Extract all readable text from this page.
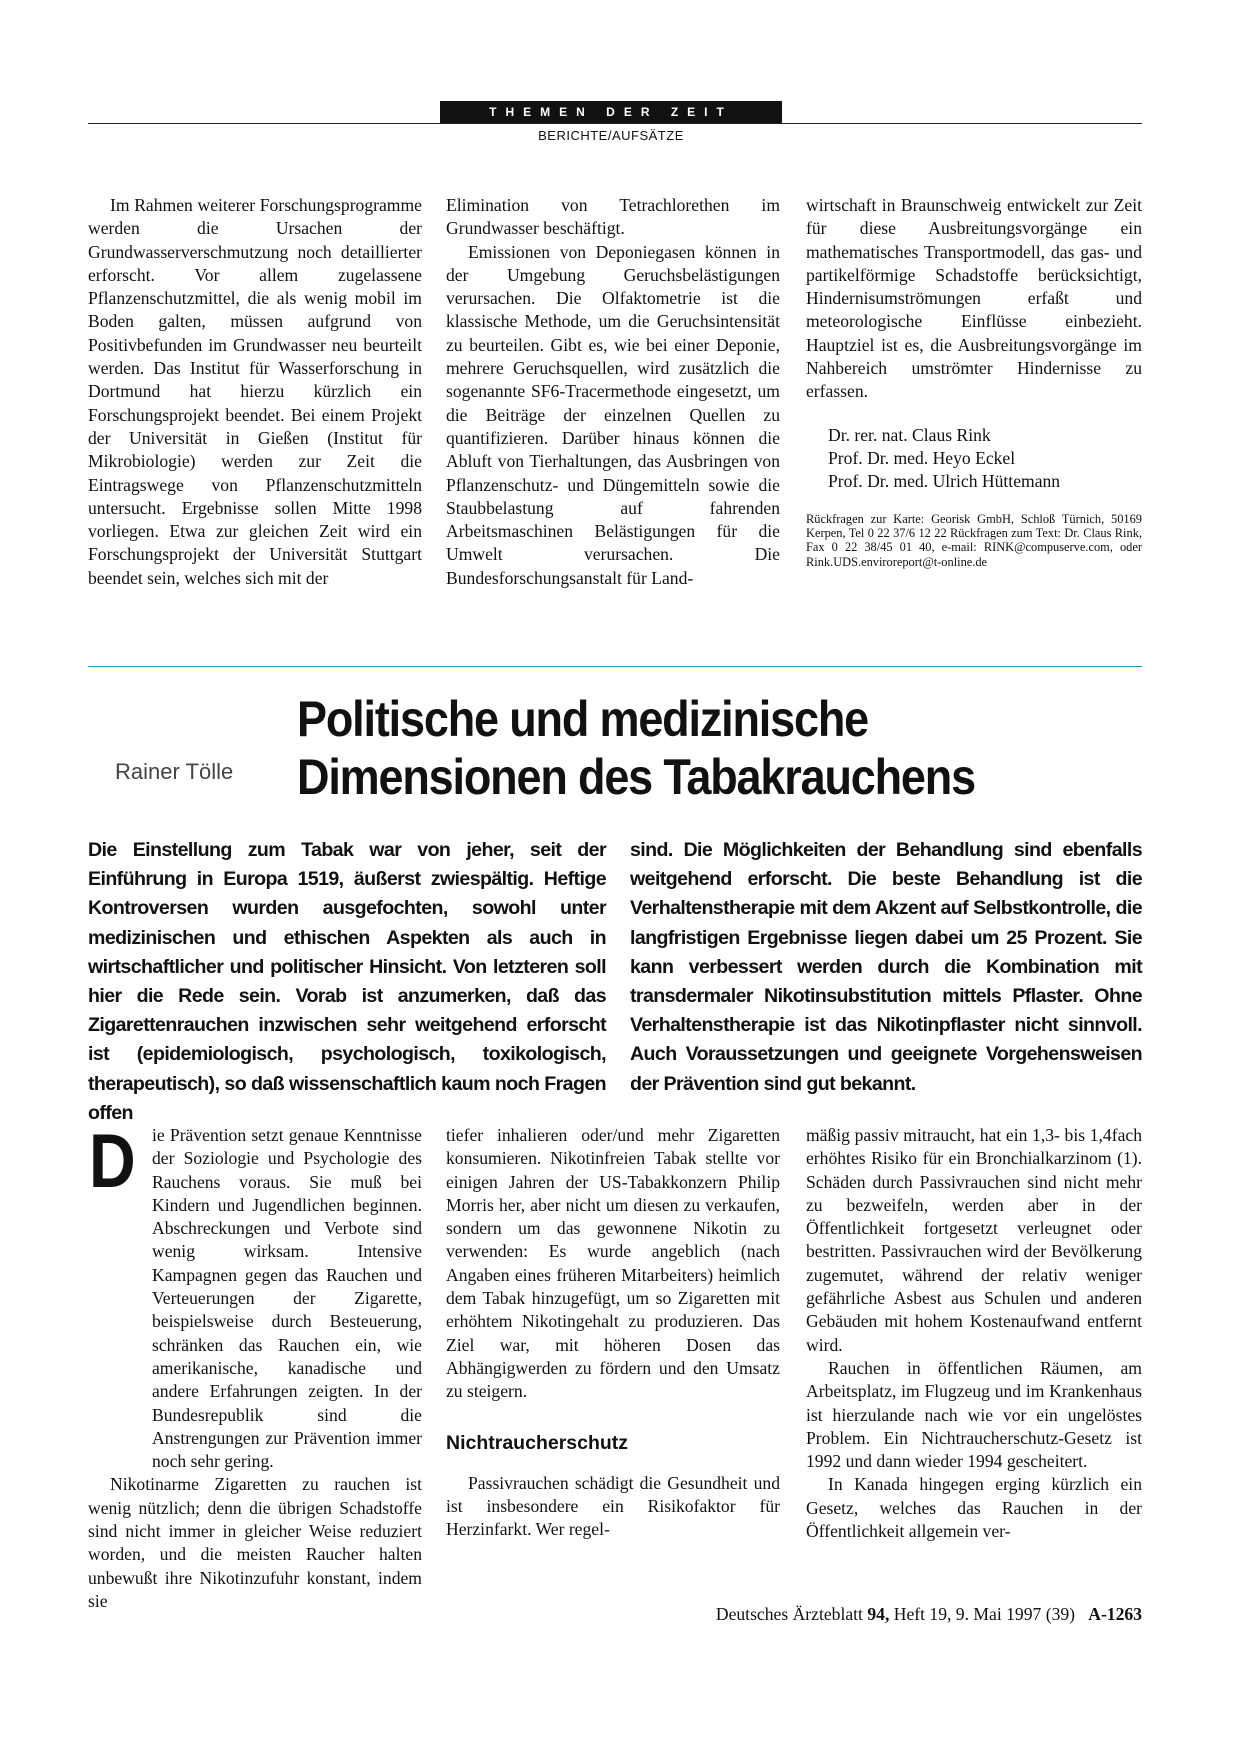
THEMEN DER ZEIT
BERICHTE/AUFSÄTZE

Im Rahmen weiterer Forschungsprogramme werden die Ursachen der Grundwasserverschmutzung noch detaillierter erforscht. Vor allem zugelassene Pflanzenschutzmittel, die als wenig mobil im Boden galten, müssen aufgrund von Positivbefunden im Grundwasser neu beurteilt werden. Das Institut für Wasserforschung in Dortmund hat hierzu kürzlich ein Forschungsprojekt beendet. Bei einem Projekt der Universität in Gießen (Institut für Mikrobiologie) werden zur Zeit die Eintragswege von Pflanzenschutzmitteln untersucht. Ergebnisse sollen Mitte 1998 vorliegen. Etwa zur gleichen Zeit wird ein Forschungsprojekt der Universität Stuttgart beendet sein, welches sich mit der

Elimination von Tetrachlorethen im Grundwasser beschäftigt.

Emissionen von Deponiegasen können in der Umgebung Geruchsbelästigungen verursachen. Die Olfaktometrie ist die klassische Methode, um die Geruchsintensität zu beurteilen. Gibt es, wie bei einer Deponie, mehrere Geruchsquellen, wird zusätzlich die sogenannte SF6-Tracermethode eingesetzt, um die Beiträge der einzelnen Quellen zu quantifizieren. Darüber hinaus können die Abluft von Tierhaltungen, das Ausbringen von Pflanzenschutz- und Düngemitteln sowie die Staubbelastung auf fahrenden Arbeitsmaschinen Belästigungen für die Umwelt verursachen. Die Bundesforschungsanstalt für Land-

wirtschaft in Braunschweig entwickelt zur Zeit für diese Ausbreitungsvorgänge ein mathematisches Transportmodell, das gas- und partikelförmige Schadstoffe berücksichtigt, Hindernisumströmungen erfaßt und meteorologische Einflüsse einbezieht. Hauptziel ist es, die Ausbreitungsvorgänge im Nahbereich umströmter Hindernisse zu erfassen.

Dr. rer. nat. Claus Rink

Prof. Dr. med. Heyo Eckel

Prof. Dr. med. Ulrich Hüttemann

Rückfragen zur Karte: Georisk GmbH, Schloß Türnich, 50169 Kerpen, Tel 0 22 37/6 12 22 Rückfragen zum Text: Dr. Claus Rink, Fax 0 22 38/45 01 40, e-mail: RINK@compuserve.com, oder Rink.UDS.enviroreport@t-online.de
Politische und medizinische
Dimensionen des Tabakrauchens
Rainer Tölle

Die Einstellung zum Tabak war von jeher, seit der Einführung in Europa 1519, äußerst zwiespältig. Heftige Kontroversen wurden ausgefochten, sowohl unter medizinischen und ethischen Aspekten als auch in wirtschaftlicher und politischer Hinsicht. Von letzteren soll hier die Rede sein. Vorab ist anzumerken, daß das Zigarettenrauchen inzwischen sehr weitgehend erforscht ist (epidemiologisch, psychologisch, toxikologisch, therapeutisch), so daß wissenschaftlich kaum noch Fragen offen

sind. Die Möglichkeiten der Behandlung sind ebenfalls weitgehend erforscht. Die beste Behandlung ist die Verhaltenstherapie mit dem Akzent auf Selbstkontrolle, die langfristigen Ergebnisse liegen dabei um 25 Prozent. Sie kann verbessert werden durch die Kombination mit transdermaler Nikotinsubstitution mittels Pflaster. Ohne Verhaltenstherapie ist das Nikotinpflaster nicht sinnvoll. Auch Voraussetzungen und geeignete Vorgehensweisen der Prävention sind gut bekannt.

D ie Prävention setzt genaue Kenntnisse der Soziologie und Psychologie des Rauchens voraus. Sie muß bei Kindern und Jugendlichen beginnen. Abschreckungen und Verbote sind wenig wirksam. Intensive Kampagnen gegen das Rauchen und Verteuerungen der Zigarette, beispielsweise durch Besteuerung, schränken das Rauchen ein, wie amerikanische, kanadische und andere Erfahrungen zeigten. In der Bundesrepublik sind die Anstrengungen zur Prävention immer noch sehr gering.

Nikotinarme Zigaretten zu rauchen ist wenig nützlich; denn die übrigen Schadstoffe sind nicht immer in gleicher Weise reduziert worden, und die meisten Raucher halten unbewußt ihre Nikotinzufuhr konstant, indem sie

tiefer inhalieren oder/und mehr Zigaretten konsumieren. Nikotinfreien Tabak stellte vor einigen Jahren der US-Tabakkonzern Philip Morris her, aber nicht um diesen zu verkaufen, sondern um das gewonnene Nikotin zu verwenden: Es wurde angeblich (nach Angaben eines früheren Mitarbeiters) heimlich dem Tabak hinzugefügt, um so Zigaretten mit erhöhtem Nikotingehalt zu produzieren. Das Ziel war, mit höheren Dosen das Abhängigwerden zu fördern und den Umsatz zu steigern.

Nichtraucherschutz

Passivrauchen schädigt die Gesundheit und ist insbesondere ein Risikofaktor für Herzinfarkt. Wer regel-

mäßig passiv mitraucht, hat ein 1,3- bis 1,4fach erhöhtes Risiko für ein Bronchialkarzinom (1). Schäden durch Passivrauchen sind nicht mehr zu bezweifeln, werden aber in der Öffentlichkeit fortgesetzt verleugnet oder bestritten. Passivrauchen wird der Bevölkerung zugemutet, während der relativ weniger gefährliche Asbest aus Schulen und anderen Gebäuden mit hohem Kostenaufwand entfernt wird.

Rauchen in öffentlichen Räumen, am Arbeitsplatz, im Flugzeug und im Krankenhaus ist hierzulande nach wie vor ein ungelöstes Problem. Ein Nichtraucherschutz-Gesetz ist 1992 und dann wieder 1994 gescheitert.

In Kanada hingegen erging kürzlich ein Gesetz, welches das Rauchen in der Öffentlichkeit allgemein ver-

Deutsches Ärzteblatt 94, Heft 19, 9. Mai 1997 (39) A-1263
